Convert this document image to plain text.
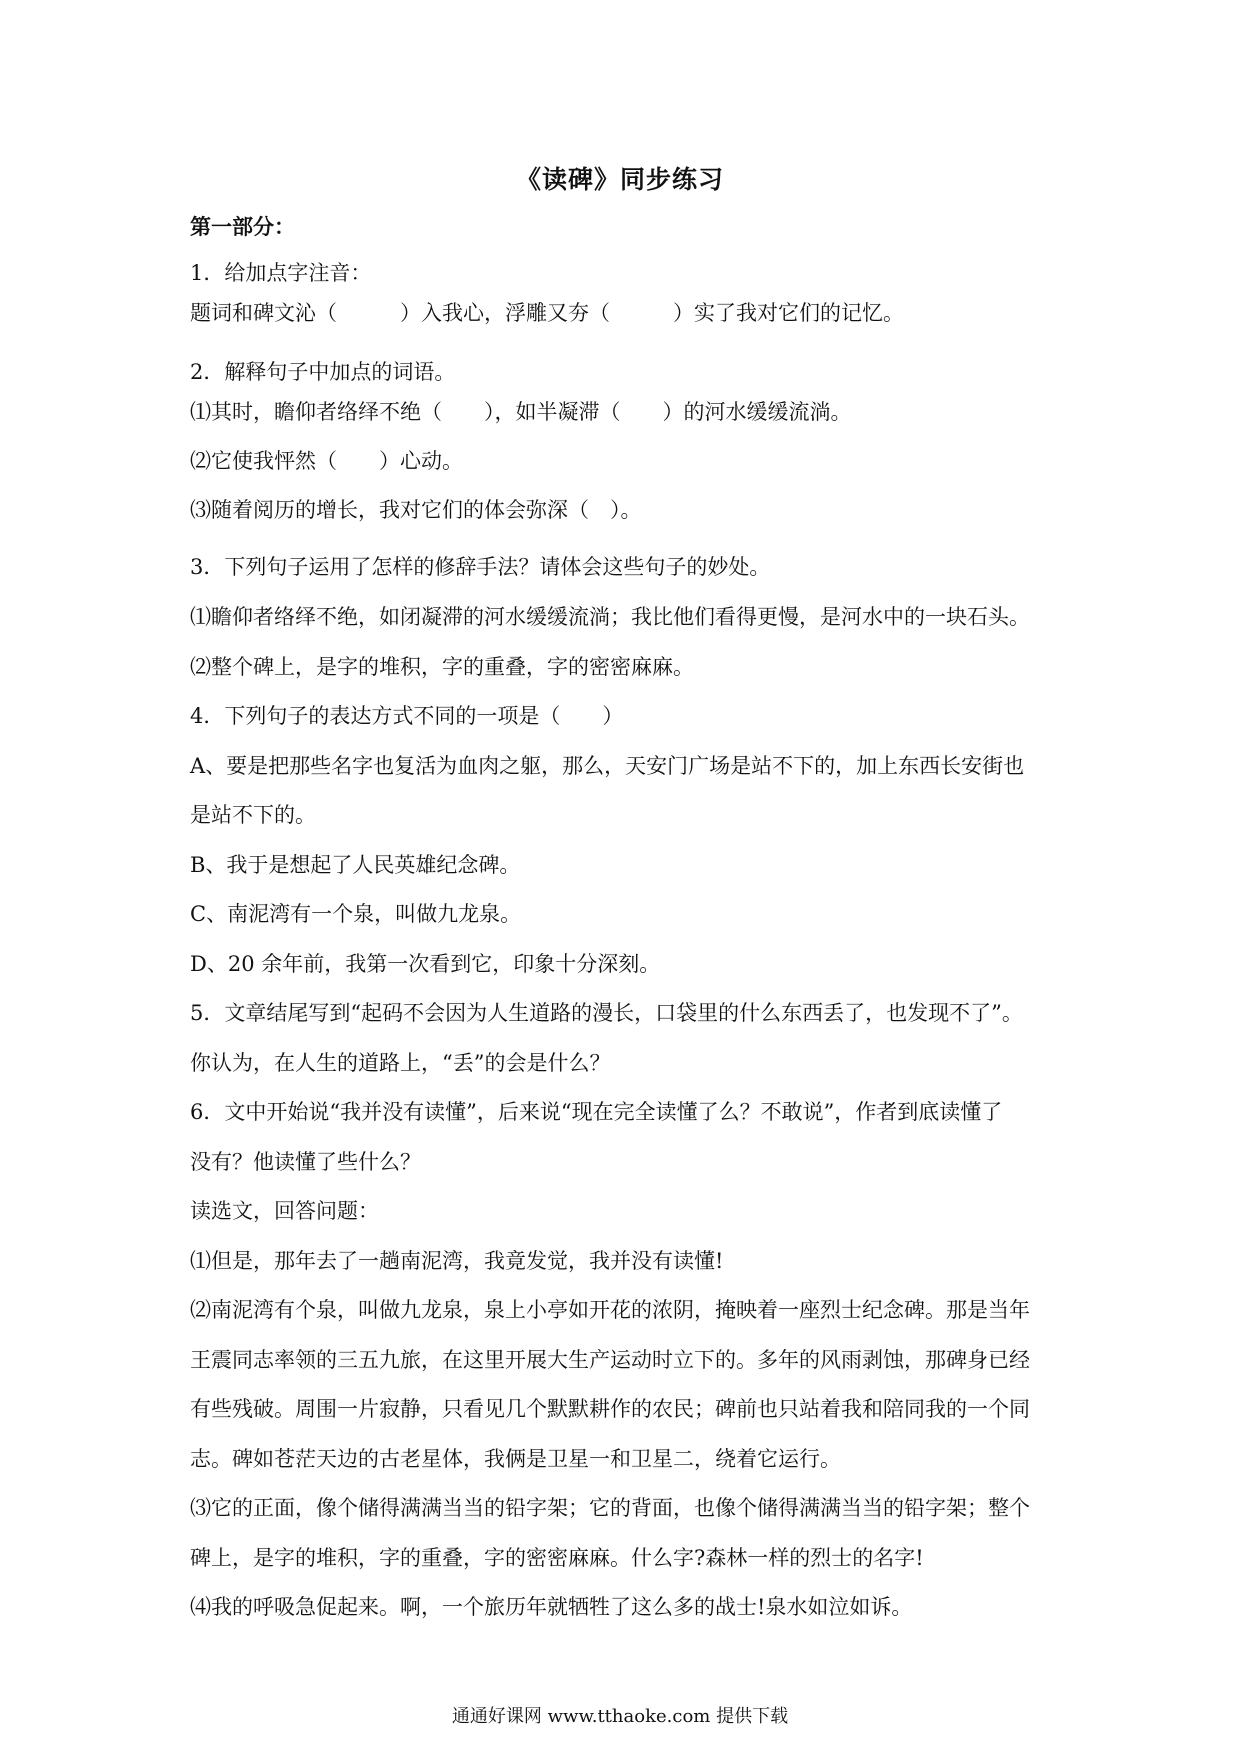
《读碑》同步练习
第一部分：
1．给加点字注音：
题词和碑文沁（　　　）入我心，浮雕又夯（　　　）实了我对它们的记忆。
2．解释句子中加点的词语。
⑴其时，瞻仰者络绎不绝（　　），如半凝滞（　　）的河水缓缓流淌。
⑵它使我怦然（　　）心动。
⑶随着阅历的增长，我对它们的体会弥深（　）。
3．下列句子运用了怎样的修辞手法？请体会这些句子的妙处。
⑴瞻仰者络绎不绝，如闭凝滞的河水缓缓流淌；我比他们看得更慢，是河水中的一块石头。
⑵整个碑上，是字的堆积，字的重叠，字的密密麻麻。
4．下列句子的表达方式不同的一项是（　　）
A、要是把那些名字也复活为血肉之躯，那么，天安门广场是站不下的，加上东西长安街也
是站不下的。
B、我于是想起了人民英雄纪念碑。
C、南泥湾有一个泉，叫做九龙泉。
D、20 余年前，我第一次看到它，印象十分深刻。
5．文章结尾写到“起码不会因为人生道路的漫长，口袋里的什么东西丢了，也发现不了”。
你认为，在人生的道路上，“丢”的会是什么？
6．文中开始说“我并没有读懂”，后来说“现在完全读懂了么？不敢说”，作者到底读懂了
没有？他读懂了些什么？
读选文，回答问题：
⑴但是，那年去了一趟南泥湾，我竟发觉，我并没有读懂!
⑵南泥湾有个泉，叫做九龙泉，泉上小亭如开花的浓阴，掩映着一座烈士纪念碑。那是当年
王震同志率领的三五九旅，在这里开展大生产运动时立下的。多年的风雨剥蚀，那碑身已经
有些残破。周围一片寂静，只看见几个默默耕作的农民；碑前也只站着我和陪同我的一个同
志。碑如苍茫天边的古老星体，我俩是卫星一和卫星二，绕着它运行。
⑶它的正面，像个储得满满当当的铅字架；它的背面，也像个储得满满当当的铅字架；整个
碑上，是字的堆积，字的重叠，字的密密麻麻。什么字?森林一样的烈士的名字!
⑷我的呼吸急促起来。啊，一个旅历年就牺牲了这么多的战士!泉水如泣如诉。
通通好课网 www.tthaoke.com 提供下载
